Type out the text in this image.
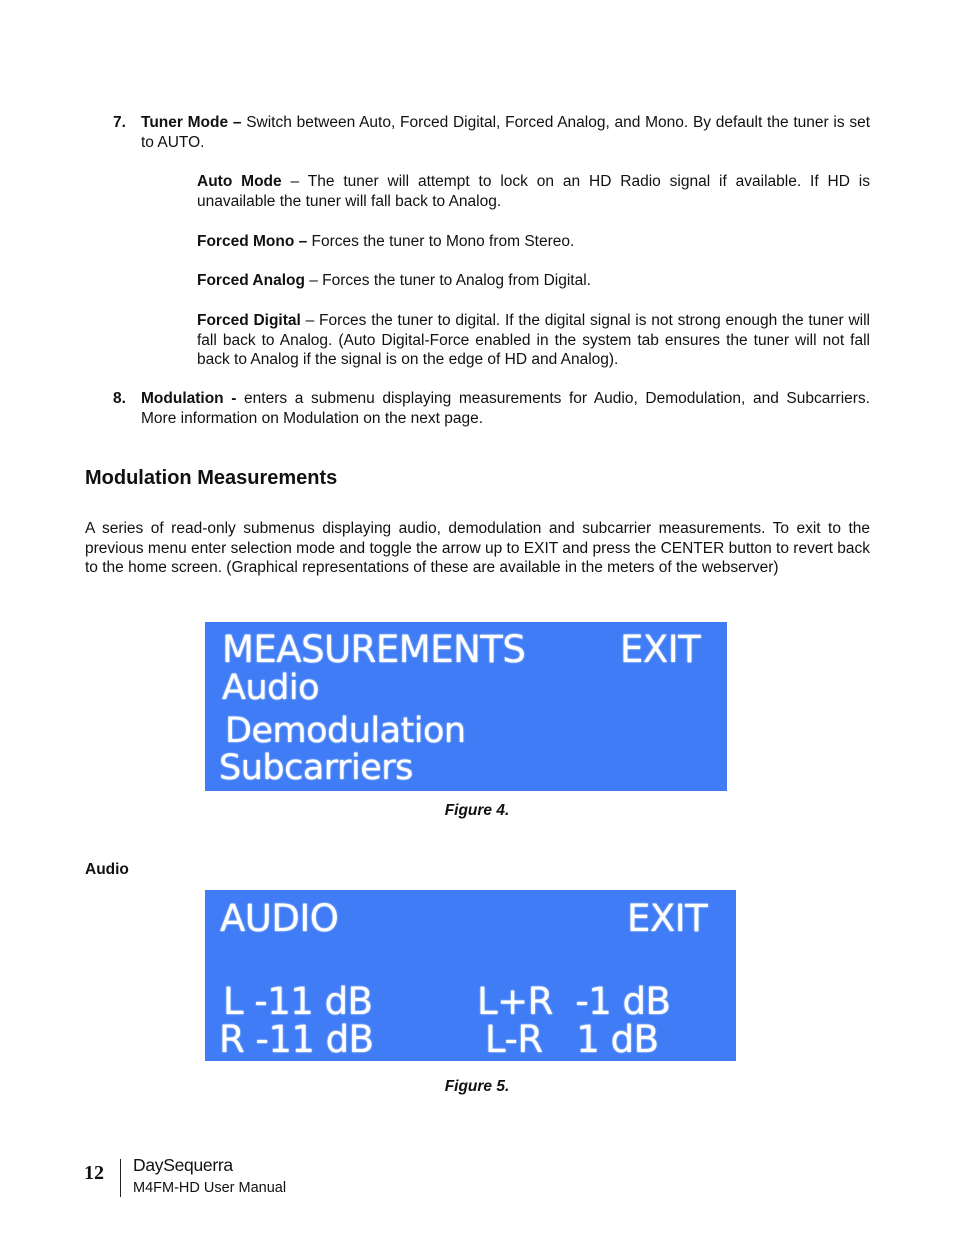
7. Tuner Mode – Switch between Auto, Forced Digital, Forced Analog, and Mono. By default the tuner is set to AUTO.
Auto Mode – The tuner will attempt to lock on an HD Radio signal if available. If HD is unavailable the tuner will fall back to Analog.
Forced Mono – Forces the tuner to Mono from Stereo.
Forced Analog – Forces the tuner to Analog from Digital.
Forced Digital – Forces the tuner to digital. If the digital signal is not strong enough the tuner will fall back to Analog. (Auto Digital-Force enabled in the system tab ensures the tuner will not fall back to Analog if the signal is on the edge of HD and Analog).
8. Modulation - enters a submenu displaying measurements for Audio, Demodulation, and Subcarriers. More information on Modulation on the next page.
Modulation Measurements
A series of read-only submenus displaying audio, demodulation and subcarrier measurements. To exit to the previous menu enter selection mode and toggle the arrow up to EXIT and press the CENTER button to revert back to the home screen. (Graphical representations of these are available in the meters of the webserver)
MEASUREMENTS	EXIT
Audio
Demodulation
Subcarriers
Figure 4.
Audio
AUDIO	EXIT
L -11 dB
R -11 dB
L+R  -1 dB
L-R   1 dB
Figure 5.
12 DaySequerra
M4FM-HD User Manual
